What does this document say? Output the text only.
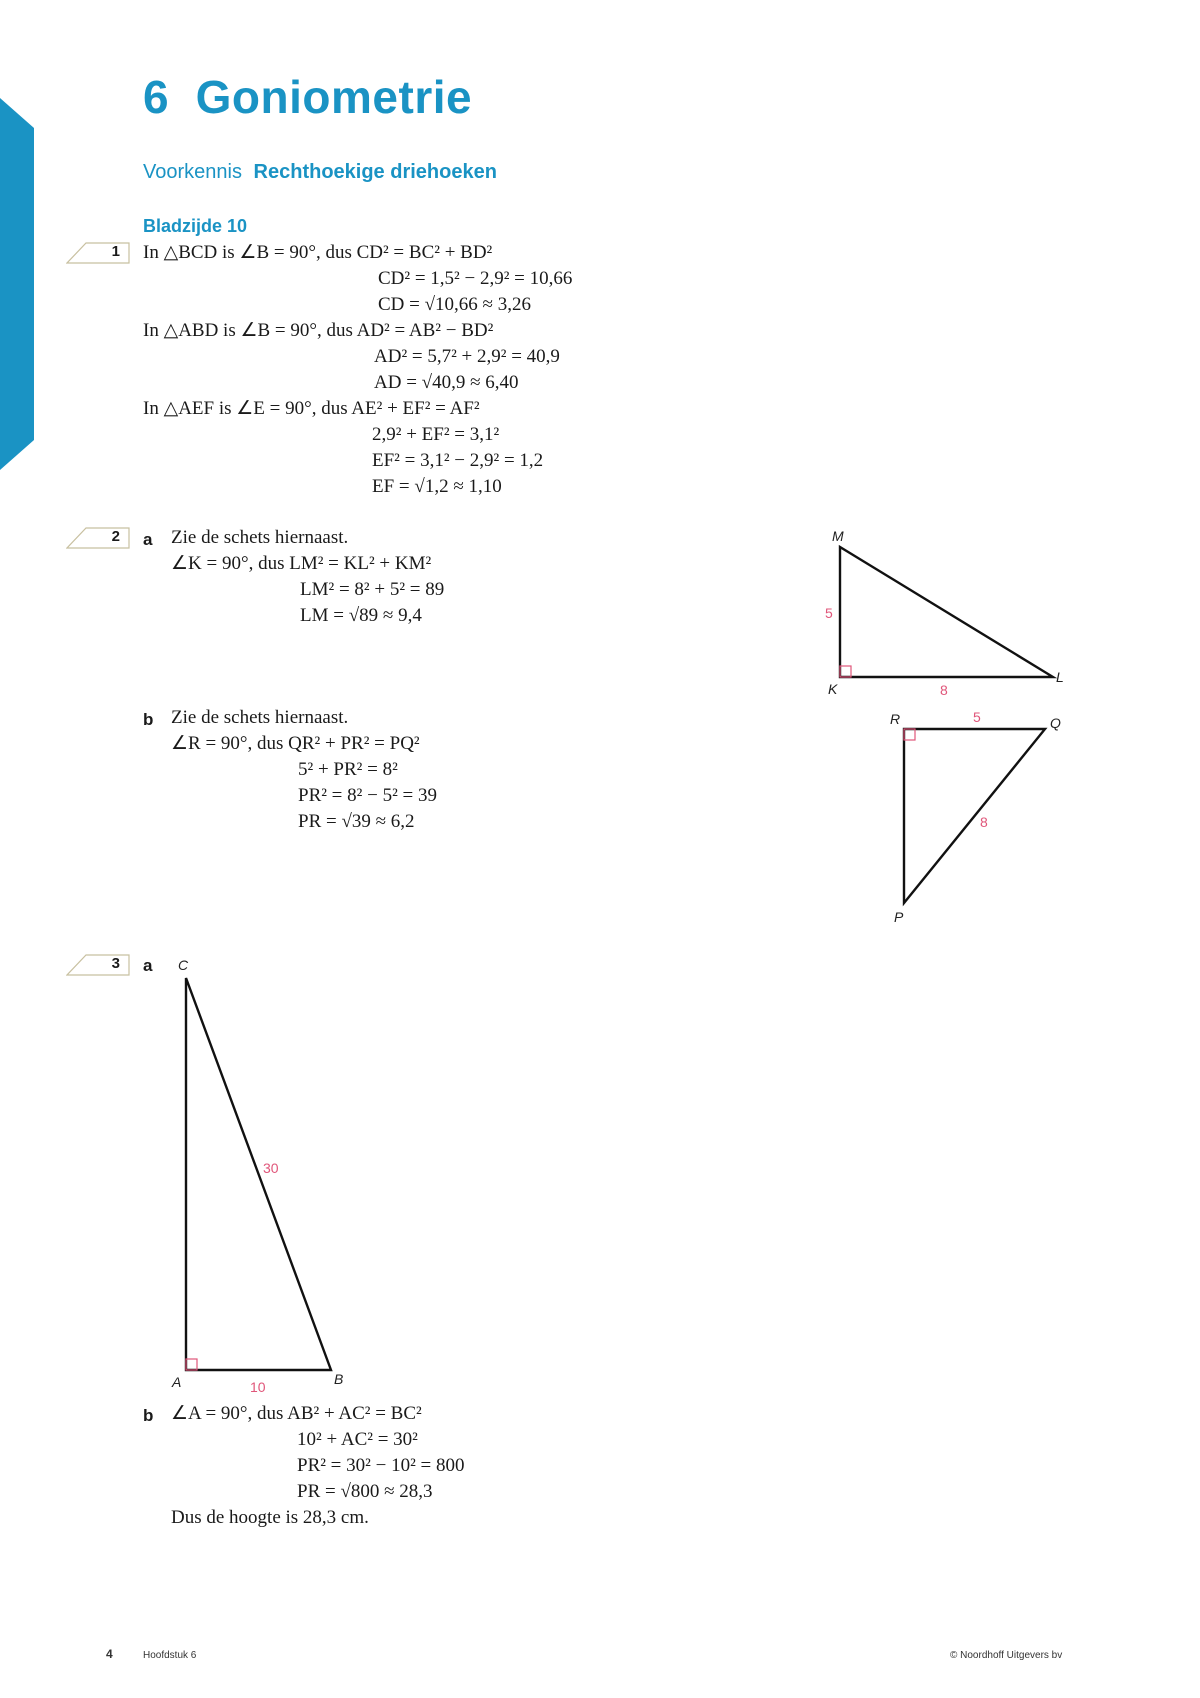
6 Goniometrie
Voorkennis Rechthoekige driehoeken
Bladzijde 10
1 In △BCD is ∠B = 90°, dus CD² = BC² + BD²
CD² = 1,5² − 2,9² = 10,66
CD = √10,66 ≈ 3,26
In △ABD is ∠B = 90°, dus AD² = AB² − BD²
AD² = 5,7² + 2,9² = 40,9
AD = √40,9 ≈ 6,40
In △AEF is ∠E = 90°, dus AE² + EF² = AF²
2,9² + EF² = 3,1²
EF² = 3,1² − 2,9² = 1,2
EF = √1,2 ≈ 1,10
2 a Zie de schets hiernaast.
∠K = 90°, dus LM² = KL² + KM²
LM² = 8² + 5² = 89
LM = √89 ≈ 9,4
b Zie de schets hiernaast.
∠R = 90°, dus QR² + PR² = PQ²
5² + PR² = 8²
PR² = 8² − 5² = 39
PR = √39 ≈ 6,2
M
K
L
5
8
R	Q
P
5
8
3 a C
A	B
30
10
b ∠A = 90°, dus AB² + AC² = BC²
10² + AC² = 30²
PR² = 30² − 10² = 800
PR = √800 ≈ 28,3
Dus de hoogte is 28,3 cm.
4	Hoofdstuk 6	© Noordhoff Uitgevers bv
